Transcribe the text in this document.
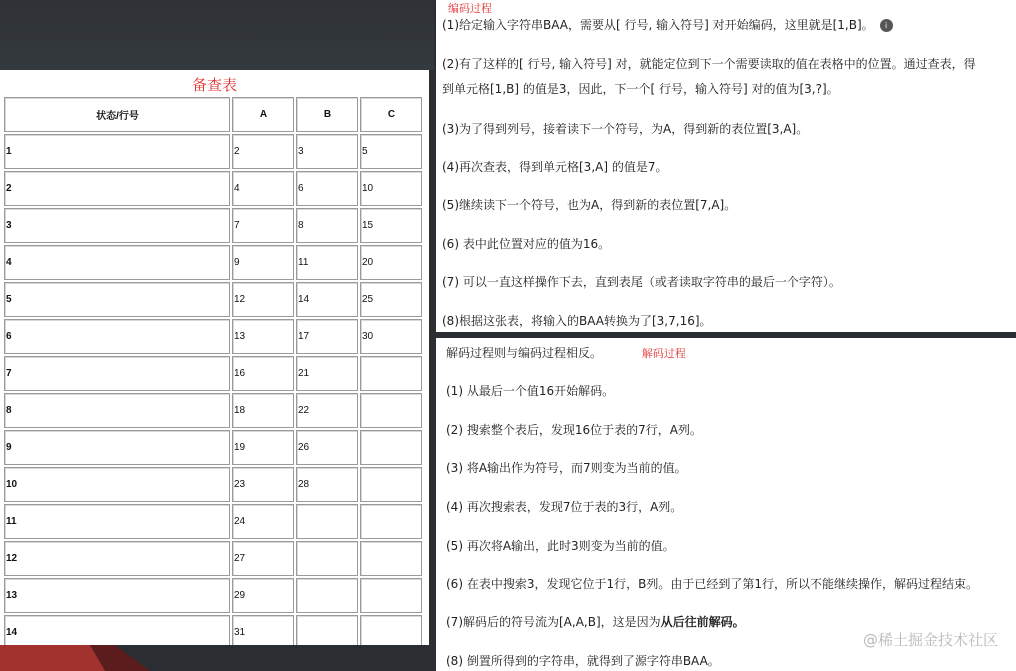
备查表
状态/行号	A	B	C
1	2	3	5
2	4	6	10
3	7	8	15
4	9	11	20
5	12	14	25
6	13	17	30
7	16	21	
8	18	22	
9	19	26	
10	23	28	
11	24		
12	27		
13	29		
14	31		
编码过程
(1)给定输入字符串BAA，需要从[ 行号, 输入符号] 对开始编码，这里就是[1,B]。 i
(2)有了这样的[ 行号, 输入符号] 对，就能定位到下一个需要读取的值在表格中的位置。通过查表，得
到单元格[1,B] 的值是3，因此，下一个[ 行号，输入符号] 对的值为[3,?]。
(3)为了得到列号，接着读下一个符号，为A，得到新的表位置[3,A]。
(4)再次查表，得到单元格[3,A] 的值是7。
(5)继续读下一个符号，也为A，得到新的表位置[7,A]。
(6) 表中此位置对应的值为16。
(7) 可以一直这样操作下去，直到表尾（或者读取字符串的最后一个字符）。
(8)根据这张表，将输入的BAA转换为了[3,7,16]。
解码过程则与编码过程相反。	解码过程
(1) 从最后一个值16开始解码。
(2) 搜索整个表后，发现16位于表的7行，A列。
(3) 将A输出作为符号，而7则变为当前的值。
(4) 再次搜索表，发现7位于表的3行，A列。
(5) 再次将A输出，此时3则变为当前的值。
(6) 在表中搜索3，发现它位于1行，B列。由于已经到了第1行，所以不能继续操作，解码过程结束。
(7)解码后的符号流为[A,A,B]，这是因为从后往前解码。
(8) 倒置所得到的字符串，就得到了源字符串BAA。
@稀土掘金技术社区
